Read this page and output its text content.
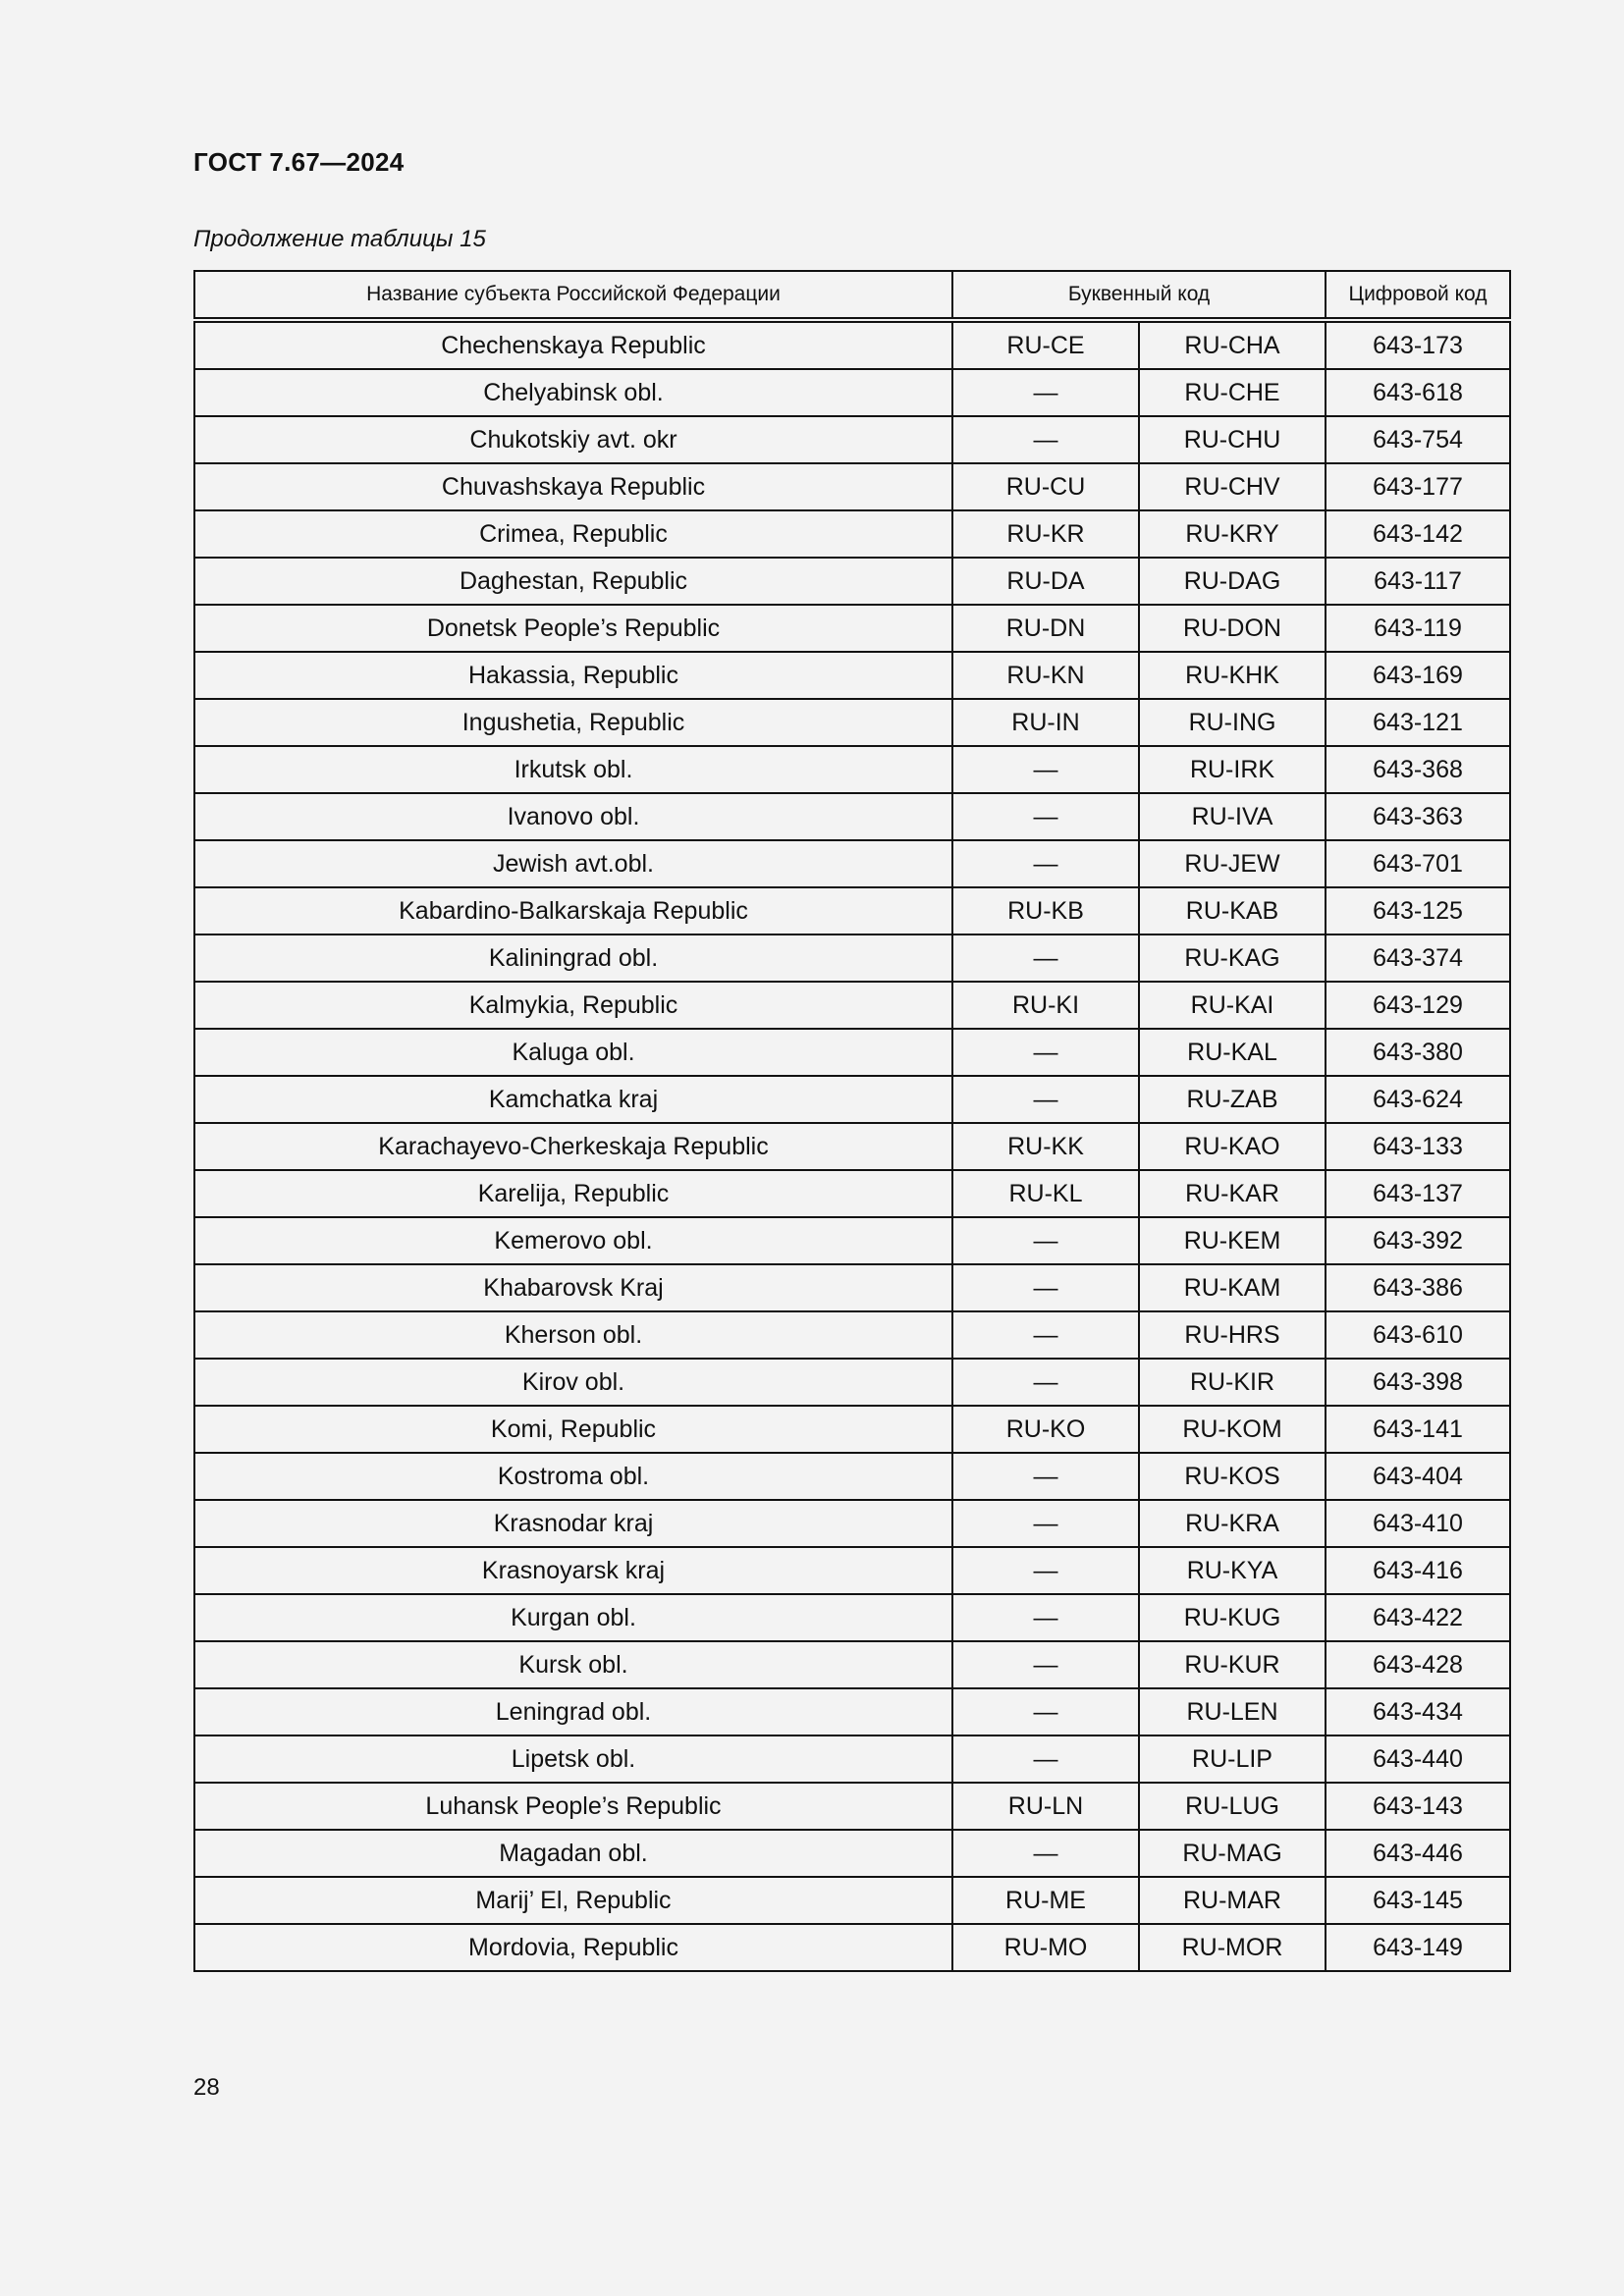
ГОСТ 7.67—2024
Продолжение таблицы 15
Название субъекта Российской Федерации	Буквенный код		Цифровой код
Chechenskaya Republic	RU-CE	RU-CHA	643-173
Chelyabinsk obl.	—	RU-CHE	643-618
Chukotskiy avt. okr	—	RU-CHU	643-754
Chuvashskaya Republic	RU-CU	RU-CHV	643-177
Crimea, Republic	RU-KR	RU-KRY	643-142
Daghestan, Republic	RU-DA	RU-DAG	643-117
Donetsk People’s Republic	RU-DN	RU-DON	643-119
Hakassia, Republic	RU-KN	RU-KHK	643-169
Ingushetia, Republic	RU-IN	RU-ING	643-121
Irkutsk obl.	—	RU-IRK	643-368
Ivanovo obl.	—	RU-IVA	643-363
Jewish avt.obl.	—	RU-JEW	643-701
Kabardino-Balkarskaja Republic	RU-KB	RU-KAB	643-125
Kaliningrad obl.	—	RU-KAG	643-374
Kalmykia, Republic	RU-KI	RU-KAI	643-129
Kaluga obl.	—	RU-KAL	643-380
Kamchatka kraj	—	RU-ZAB	643-624
Karachayevo-Cherkeskaja Republic	RU-KK	RU-KAO	643-133
Karelija, Republic	RU-KL	RU-KAR	643-137
Kemerovo obl.	—	RU-KEM	643-392
Khabarovsk Kraj	—	RU-KAM	643-386
Kherson obl.	—	RU-HRS	643-610
Kirov obl.	—	RU-KIR	643-398
Komi, Republic	RU-KO	RU-KOM	643-141
Kostroma obl.	—	RU-KOS	643-404
Krasnodar kraj	—	RU-KRA	643-410
Krasnoyarsk kraj	—	RU-KYA	643-416
Kurgan obl.	—	RU-KUG	643-422
Kursk obl.	—	RU-KUR	643-428
Leningrad obl.	—	RU-LEN	643-434
Lipetsk obl.	—	RU-LIP	643-440
Luhansk People’s Republic	RU-LN	RU-LUG	643-143
Magadan obl.	—	RU-MAG	643-446
Marij’ El, Republic	RU-ME	RU-MAR	643-145
Mordovia, Republic	RU-MO	RU-MOR	643-149
28
